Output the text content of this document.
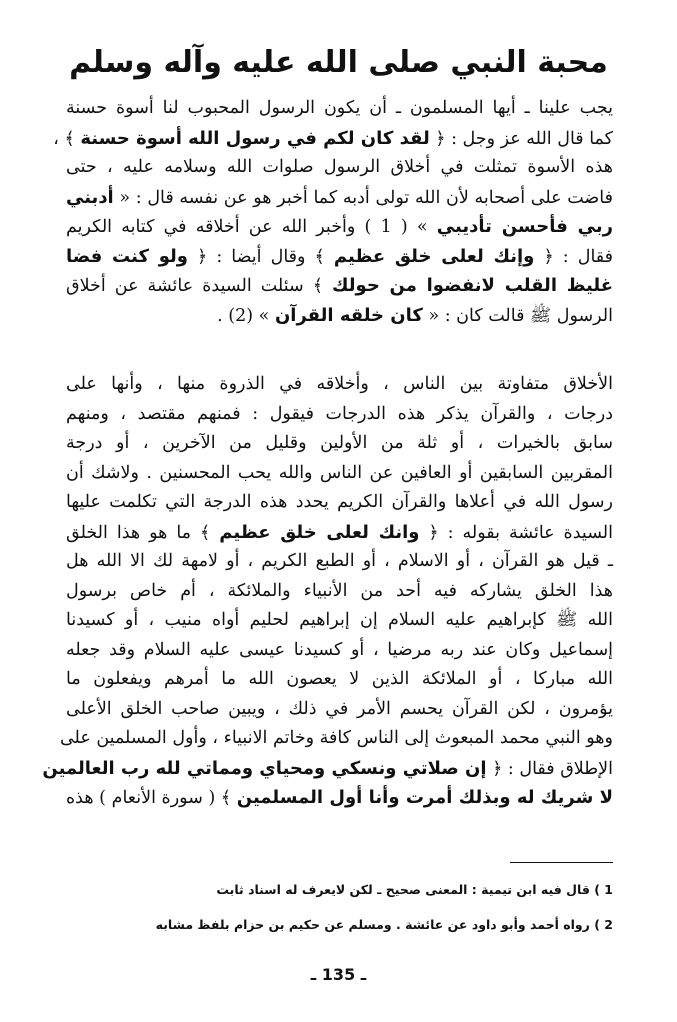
محبة النبي صلى الله عليه وآله وسلم
يجب علينا ـ أيها المسلمون ـ أن يكون الرسول المحبوب لنا أسوة حسنة
كما قال الله عز وجل : ﴿ لقد كان لكم في رسول الله أسوة حسنة ﴾ ،
هذه الأسوة تمثلت في أخلاق الرسول صلوات الله وسلامه عليه ، حتى
فاضت على أصحابه لأن الله تولى أدبه كما أخبر هو عن نفسه قال : « أدبني
ربي فأحسن تأديبي » ( 1 ) وأخبر الله عن أخلاقه في كتابه الكريم
فقال : ﴿ وإنك لعلى خلق عظيم ﴾ وقال أيضا : ﴿ ولو كنت فضا
غليظ القلب لانفضوا من حولك ﴾ سئلت السيدة عائشة عن أخلاق
الرسول ﷺ قالت كان : « كان خلقه القرآن » (2) .
الأخلاق متفاوتة بين الناس ، وأخلاقه في الذروة منها ، وأنها على
درجات ، والقرآن يذكر هذه الدرجات فيقول : فمنهم مقتصد ، ومنهم
سابق بالخيرات ، أو ثلة من الأولين وقليل من الآخرين ، أو درجة
المقربين السابقين أو العافين عن الناس والله يحب المحسنين . ولاشك أن
رسول الله في أعلاها والقرآن الكريم يحدد هذه الدرجة التي تكلمت عليها
السيدة عائشة بقوله : ﴿ وانك لعلى خلق عظيم ﴾ ما هو هذا الخلق
ـ قيل هو القرآن ، أو الاسلام ، أو الطبع الكريم ، أو لامهة لك الا الله هل
هذا الخلق يشاركه فيه أحد من الأنبياء والملائكة ، أم خاص برسول
الله ﷺ كإبراهيم عليه السلام إن إبراهيم لحليم أواه منيب ، أو كسيدنا
إسماعيل وكان عند ربه مرضيا ، أو كسيدنا عيسى عليه السلام وقد جعله
الله مباركا ، أو الملائكة الذين لا يعصون الله ما أمرهم ويفعلون ما
يؤمرون ، لكن القرآن يحسم الأمر في ذلك ، ويبين صاحب الخلق الأعلى
وهو النبي محمد المبعوث إلى الناس كافة وخاتم الانبياء ، وأول المسلمين على
الإطلاق فقال : ﴿ إن صلاتي ونسكي ومحياي ومماتي لله رب العالمين
لا شريك له وبذلك أمرت وأنا أول المسلمين ﴾ ( سورة الأنعام ) هذه
1 ) قال فيه ابن تيمية : المعنى صحيح ـ لكن لايعرف له اسناد ثابت
2 ) رواه أحمد وأبو داود عن عائشة . ومسلم عن حكيم بن حزام بلفظ مشابه
ـ 135 ـ
